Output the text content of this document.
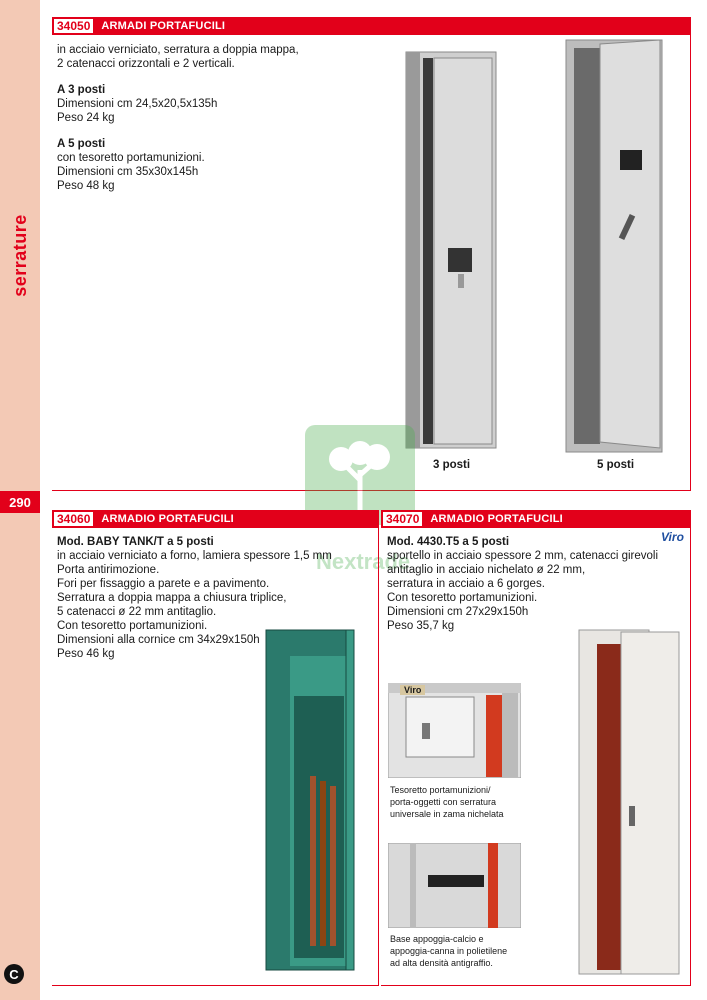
serrature
290
C
34050 ARMADI PORTAFUCILI
in acciaio verniciato, serratura a doppia mappa,
2 catenacci orizzontali e 2 verticali.
A 3 posti
Dimensioni cm 24,5x20,5x135h
Peso 24 kg
A 5 posti
con tesoretto portamunizioni.
Dimensioni cm 35x30x145h
Peso 48 kg
3 posti	5 posti
Nextrade
34060 ARMADIO PORTAFUCILI
Mod. BABY TANK/T a 5 posti
in acciaio verniciato a forno, lamiera spessore 1,5 mm
Porta antirimozione.
Fori per fissaggio a parete e a pavimento.
Serratura a doppia mappa a chiusura triplice,
5 catenacci ø 22 mm antitaglio.
Con tesoretto portamunizioni.
Dimensioni alla cornice cm 34x29x150h
Peso 46 kg
34070 ARMADIO PORTAFUCILI
Viro
Mod. 4430.T5 a 5 posti
sportello in acciaio spessore 2 mm, catenacci girevoli
antitaglio in acciaio nichelato ø 22 mm,
serratura in acciaio a 6 gorges.
Con tesoretto portamunizioni.
Dimensioni cm 27x29x150h
Peso 35,7 kg
Viro
Tesoretto portamunizioni/
porta-oggetti con serratura
universale in zama nichelata
Base appoggia-calcio e
appoggia-canna in polietilene
ad alta densità antigraffio.
